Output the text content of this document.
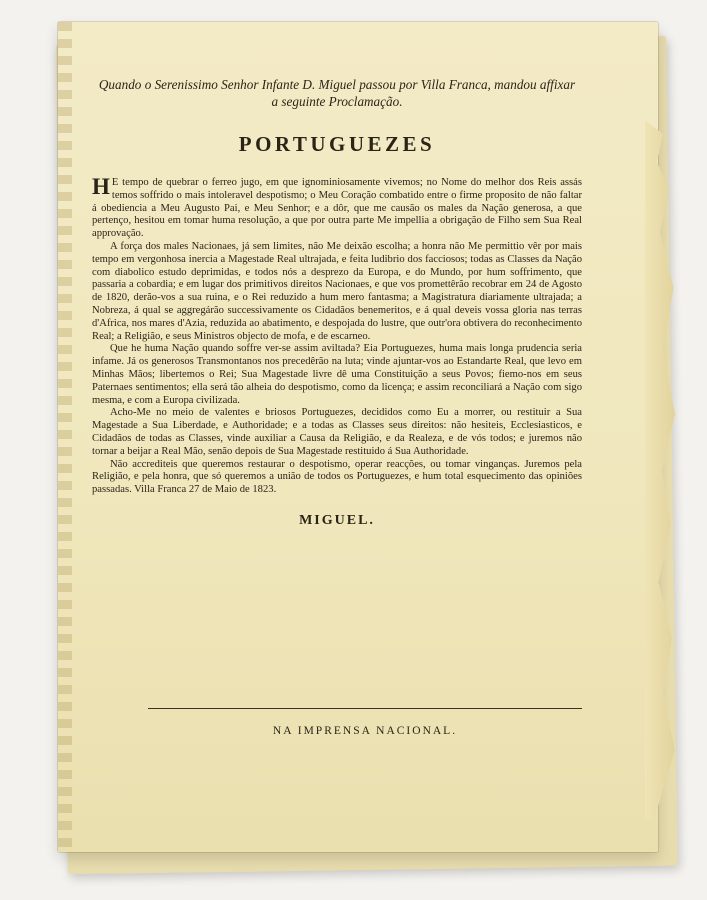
Quando o Serenissimo Senhor Infante D. Miguel passou por Villa Franca, mandou affixar a seguinte Proclamação.

PORTUGUEZES

H E tempo de quebrar o ferreo jugo, em que ignominiosamente vivemos; no Nome do melhor dos Reis assás temos soffrido o mais intoleravel despotismo; o Meu Coração combatido entre o firme proposito de não faltar á obediencia a Meu Augusto Pai, e Meu Senhor; e a dôr, que me causão os males da Nação generosa, a que pertenço, hesitou em tomar huma resolução, a que por outra parte Me impellia a obrigação de Filho sem Sua Real approvação.

A força dos males Nacionaes, já sem limites, não Me deixão escolha; a honra não Me permittio vêr por mais tempo em vergonhosa inercia a Magestade Real ultrajada, e feita ludibrio dos facciosos; todas as Classes da Nação com diabolico estudo deprimidas, e todos nós a desprezo da Europa, e do Mundo, por hum soffrimento, que passaria a cobardia; e em lugar dos primitivos direitos Nacionaes, e que vos promettêrão recobrar em 24 de Agosto de 1820, derão-vos a sua ruina, e o Rei reduzido a hum mero fantasma; a Magistratura diariamente ultrajada; a Nobreza, á qual se aggregárão successivamente os Cidadãos benemeritos, e á qual deveis vossa gloria nas terras d'Africa, nos mares d'Azia, reduzida ao abatimento, e despojada do lustre, que outr'ora obtivera do reconhecimento Real; a Religião, e seus Ministros objecto de mofa, e de escarneo.

Que he huma Nação quando soffre ver-se assim aviltada? Eia Portuguezes, huma mais longa prudencia seria infame. Já os generosos Transmontanos nos precedêrão na luta; vinde ajuntar-vos ao Estandarte Real, que levo em Minhas Mãos; libertemos o Rei; Sua Magestade livre dê uma Constituição a seus Povos; fiemo-nos em seus Paternaes sentimentos; ella será tão alheia do despotismo, como da licença; e assim reconciliará a Nação com sigo mesma, e com a Europa civilizada.

Acho-Me no meio de valentes e briosos Portuguezes, decididos como Eu a morrer, ou restituir a Sua Magestade a Sua Liberdade, e Authoridade; e a todas as Classes seus direitos: não hesiteis, Ecclesiasticos, e Cidadãos de todas as Classes, vinde auxiliar a Causa da Religião, e da Realeza, e de vós todos; e juremos não tornar a beijar a Real Mão, senão depois de Sua Magestade restituido á Sua Authoridade.

Não accrediteis que queremos restaurar o despotismo, operar reacções, ou tomar vinganças. Juremos pela Religião, e pela honra, que só queremos a união de todos os Portuguezes, e hum total esquecimento das opiniões passadas. Villa Franca 27 de Maio de 1823.

MIGUEL.
NA IMPRENSA NACIONAL.
